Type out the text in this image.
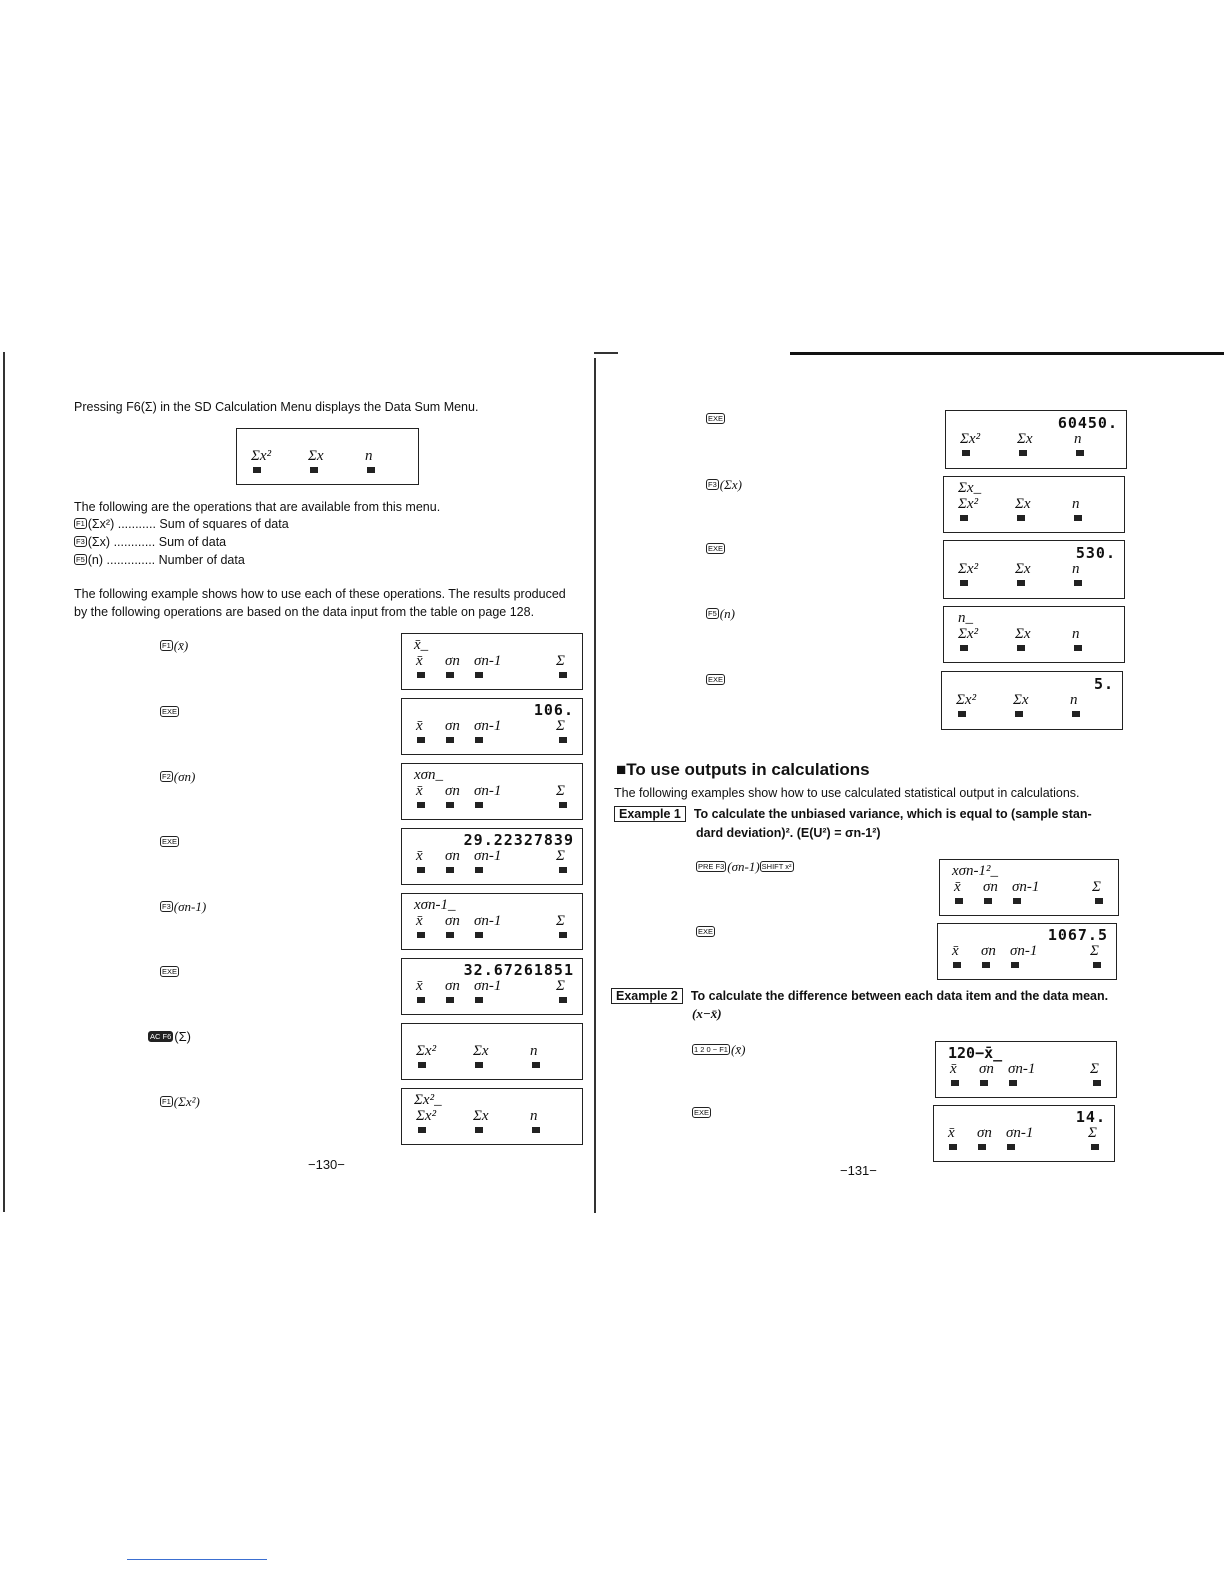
Pressing F6(Σ) in the SD Calculation Menu displays the Data Sum Menu.
Σx² Σx	n
The following are the operations that are available from this menu.
F1 (Σx²) ........... Sum of squares of data
F3 (Σx) ............ Sum of data
F5 (n) .............. Number of data
The following example shows how to use each of these operations. The results produced
by the following operations are based on the data input from the table on page 128.
F1 (x̄)
EXE
F2 (σn)
EXE
F3 (σn-1)
EXE
AC F6 (Σ)
F1 (Σx²)
x̄_
x̄ σn σn-1	Σ
106.
x̄ σn σn-1	Σ
xσn_
x̄ σn σn-1	Σ
29.22327839
x̄ σn σn-1	Σ
xσn-1_
x̄ σn σn-1	Σ
32.67261851
x̄ σn σn-1	Σ
Σx² Σx	n
Σx²_
Σx² Σx	n
−130−
EXE
F3 (Σx)
EXE
F5 (n)
EXE
60450.
Σx² Σx	n
Σx_
Σx² Σx	n
530.
Σx² Σx	n
n_
Σx² Σx	n
5.
Σx² Σx	n
■To use outputs in calculations
The following examples show how to use calculated statistical output in calculations.
Example 1 To calculate the unbiased variance, which is equal to (sample stan-
dard deviation)². (E(U²) = σn-1²)
PRE F3 (σn-1) SHIFT x²
EXE
xσn-1²_
x̄ σn σn-1	Σ
1067.5
x̄ σn σn-1	Σ
Example 2 To calculate the difference between each data item and the data mean.
(x−x̄)
1 2 0 − F1 (x̄)
EXE
120−x̄_
x̄ σn σn-1	Σ
14.
x̄ σn σn-1	Σ
−131−
